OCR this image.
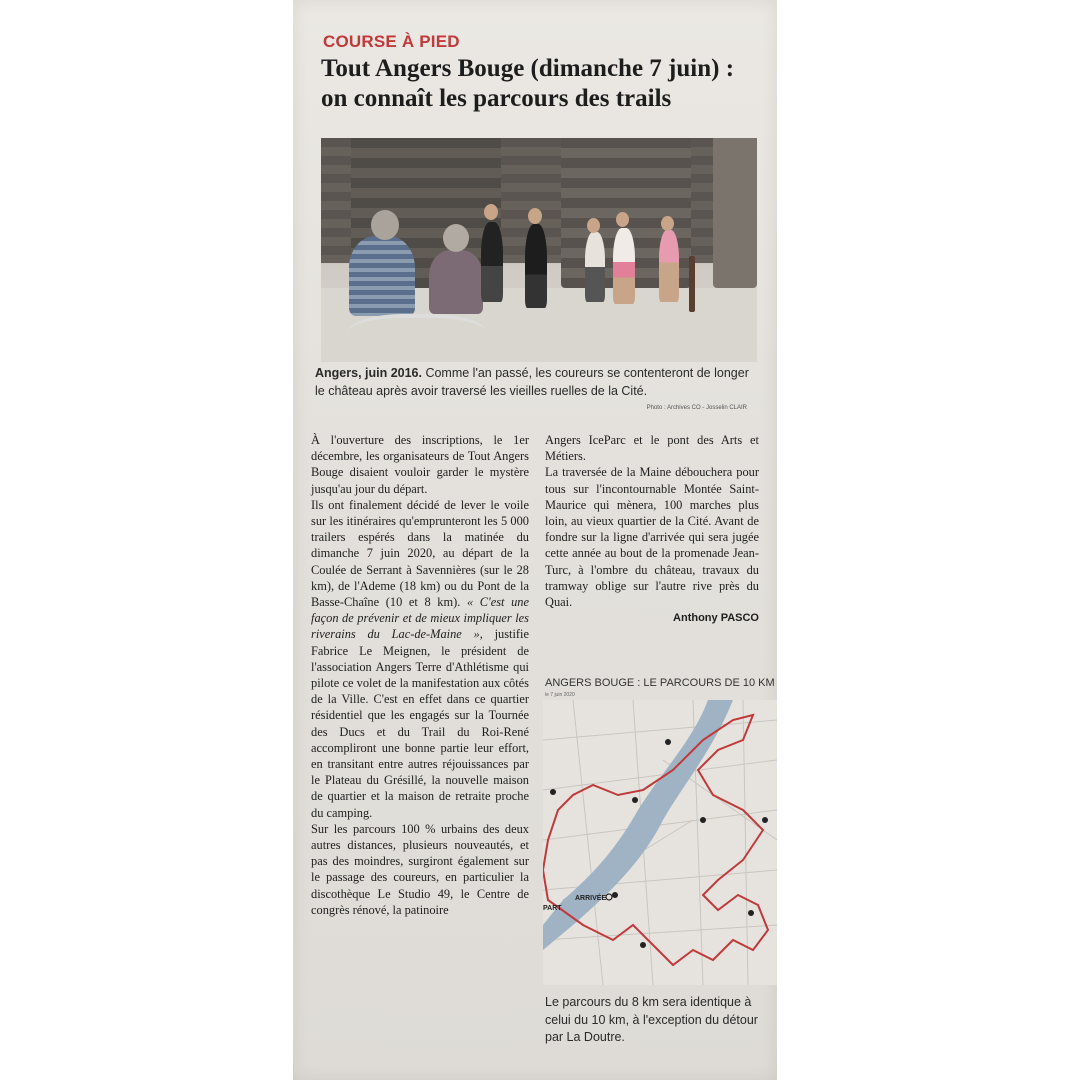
COURSE À PIED
Tout Angers Bouge (dimanche 7 juin) :
on connaît les parcours des trails
Angers, juin 2016. Comme l'an passé, les coureurs se contenteront de longer le château après avoir traversé les vieilles ruelles de la Cité.
Photo : Archives CO - Josselin CLAIR

À l'ouverture des inscriptions, le 1er décembre, les organisateurs de Tout Angers Bouge disaient vouloir garder le mystère jusqu'au jour du départ.

Ils ont finalement décidé de lever le voile sur les itinéraires qu'emprunteront les 5 000 trailers espérés dans la matinée du dimanche 7 juin 2020, au départ de la Coulée de Serrant à Savennières (sur le 28 km), de l'Ademe (18 km) ou du Pont de la Basse-Chaîne (10 et 8 km). « C'est une façon de prévenir et de mieux impliquer les riverains du Lac-de-Maine », justifie Fabrice Le Meignen, le président de l'association Angers Terre d'Athlétisme qui pilote ce volet de la manifestation aux côtés de la Ville. C'est en effet dans ce quartier résidentiel que les engagés sur la Tournée des Ducs et du Trail du Roi-René accompliront une bonne partie leur effort, en transitant entre autres réjouissances par le Plateau du Grésillé, la nouvelle maison de quartier et la maison de retraite proche du camping.

Sur les parcours 100 % urbains des deux autres distances, plusieurs nouveautés, et pas des moindres, surgiront également sur le passage des coureurs, en particulier la discothèque Le Studio 49, le Centre de congrès rénové, la patinoire

Angers IceParc et le pont des Arts et Métiers.

La traversée de la Maine débouchera pour tous sur l'incontournable Montée Saint-Maurice qui mènera, 100 marches plus loin, au vieux quartier de la Cité. Avant de fondre sur la ligne d'arrivée qui sera jugée cette année au bout de la promenade Jean-Turc, à l'ombre du château, travaux du tramway oblige sur l'autre rive près du Quai.

Anthony PASCO

ANGERS BOUGE : LE PARCOURS DE 10 KM
le 7 juin 2020
ARRIVÉE
PART
Le parcours du 8 km sera identique à celui du 10 km, à l'exception du détour par La Doutre.
